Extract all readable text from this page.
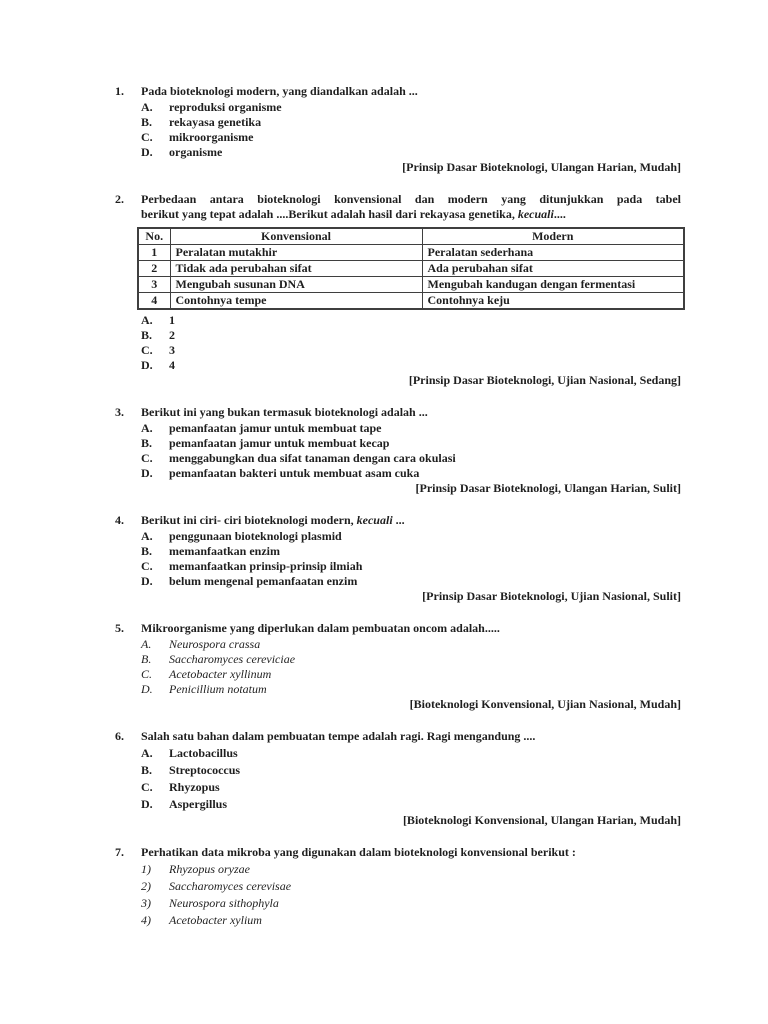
1.	Pada bioteknologi modern, yang diandalkan adalah ...
A.	reproduksi organisme
B.	rekayasa genetika
C.	mikroorganisme
D.	organisme
[Prinsip Dasar Bioteknologi, Ulangan Harian, Mudah]
2.	Perbedaan antara bioteknologi konvensional dan modern yang ditunjukkan pada tabel
berikut yang tepat adalah ....Berikut adalah hasil dari rekayasa genetika, kecuali....
No.	Konvensional	Modern
1	Peralatan mutakhir	Peralatan sederhana
2	Tidak ada perubahan sifat	Ada perubahan sifat
3	Mengubah susunan DNA	Mengubah kandugan dengan fermentasi
4	Contohnya tempe	Contohnya keju
A.	1
B.	2
C.	3
D.	4
[Prinsip Dasar Bioteknologi, Ujian Nasional, Sedang]
3.	Berikut ini yang bukan termasuk bioteknologi adalah ...
A.	pemanfaatan jamur untuk membuat tape
B.	pemanfaatan jamur untuk membuat kecap
C.	menggabungkan dua sifat tanaman dengan cara okulasi
D.	pemanfaatan bakteri untuk membuat asam cuka
[Prinsip Dasar Bioteknologi, Ulangan Harian, Sulit]
4.	Berikut ini ciri- ciri bioteknologi modern, kecuali ...
A.	penggunaan bioteknologi plasmid
B.	memanfaatkan enzim
C.	memanfaatkan prinsip-prinsip ilmiah
D.	belum mengenal pemanfaatan enzim
[Prinsip Dasar Bioteknologi, Ujian Nasional, Sulit]
5.	Mikroorganisme yang diperlukan dalam pembuatan oncom adalah.....
A.	Neurospora crassa
B.	Saccharomyces cereviciae
C.	Acetobacter xyllinum
D.	Penicillium notatum
[Bioteknologi Konvensional, Ujian Nasional, Mudah]
6.	Salah satu bahan dalam pembuatan tempe adalah ragi. Ragi mengandung ....
A.	Lactobacillus
B.	Streptococcus
C.	Rhyzopus
D.	Aspergillus
[Bioteknologi Konvensional, Ulangan Harian, Mudah]
7.	Perhatikan data mikroba yang digunakan dalam bioteknologi konvensional berikut :
1)	Rhyzopus oryzae
2)	Saccharomyces cerevisae
3)	Neurospora sithophyla
4)	Acetobacter xylium
